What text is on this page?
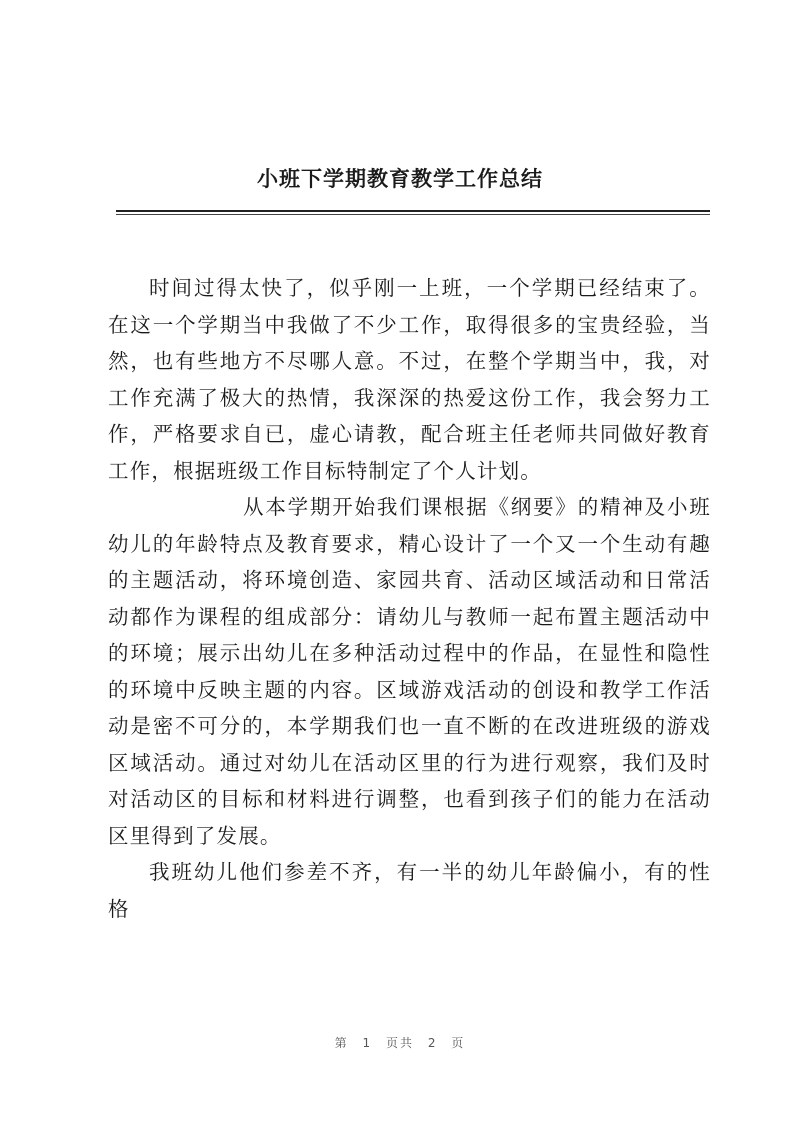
小班下学期教育教学工作总结

时间过得太快了，似乎刚一上班，一个学期已经结束了。在这一个学期当中我做了不少工作，取得很多的宝贵经验，当然，也有些地方不尽哪人意。不过，在整个学期当中，我，对工作充满了极大的热情，我深深的热爱这份工作，我会努力工作，严格要求自已，虚心请教，配合班主任老师共同做好教育工作，根据班级工作目标特制定了个人计划。

从本学期开始我们课根据《纲要》的精神及小班幼儿的年龄特点及教育要求，精心设计了一个又一个生动有趣的主题活动，将环境创造、家园共育、活动区域活动和日常活动都作为课程的组成部分：请幼儿与教师一起布置主题活动中的环境；展示出幼儿在多种活动过程中的作品，在显性和隐性的环境中反映主题的内容。区域游戏活动的创设和教学工作活动是密不可分的，本学期我们也一直不断的在改进班级的游戏区域活动。通过对幼儿在活动区里的行为进行观察，我们及时对活动区的目标和材料进行调整，也看到孩子们的能力在活动区里得到了发展。

我班幼儿他们参差不齐，有一半的幼儿年龄偏小，有的性格

第 1 页共 2 页
